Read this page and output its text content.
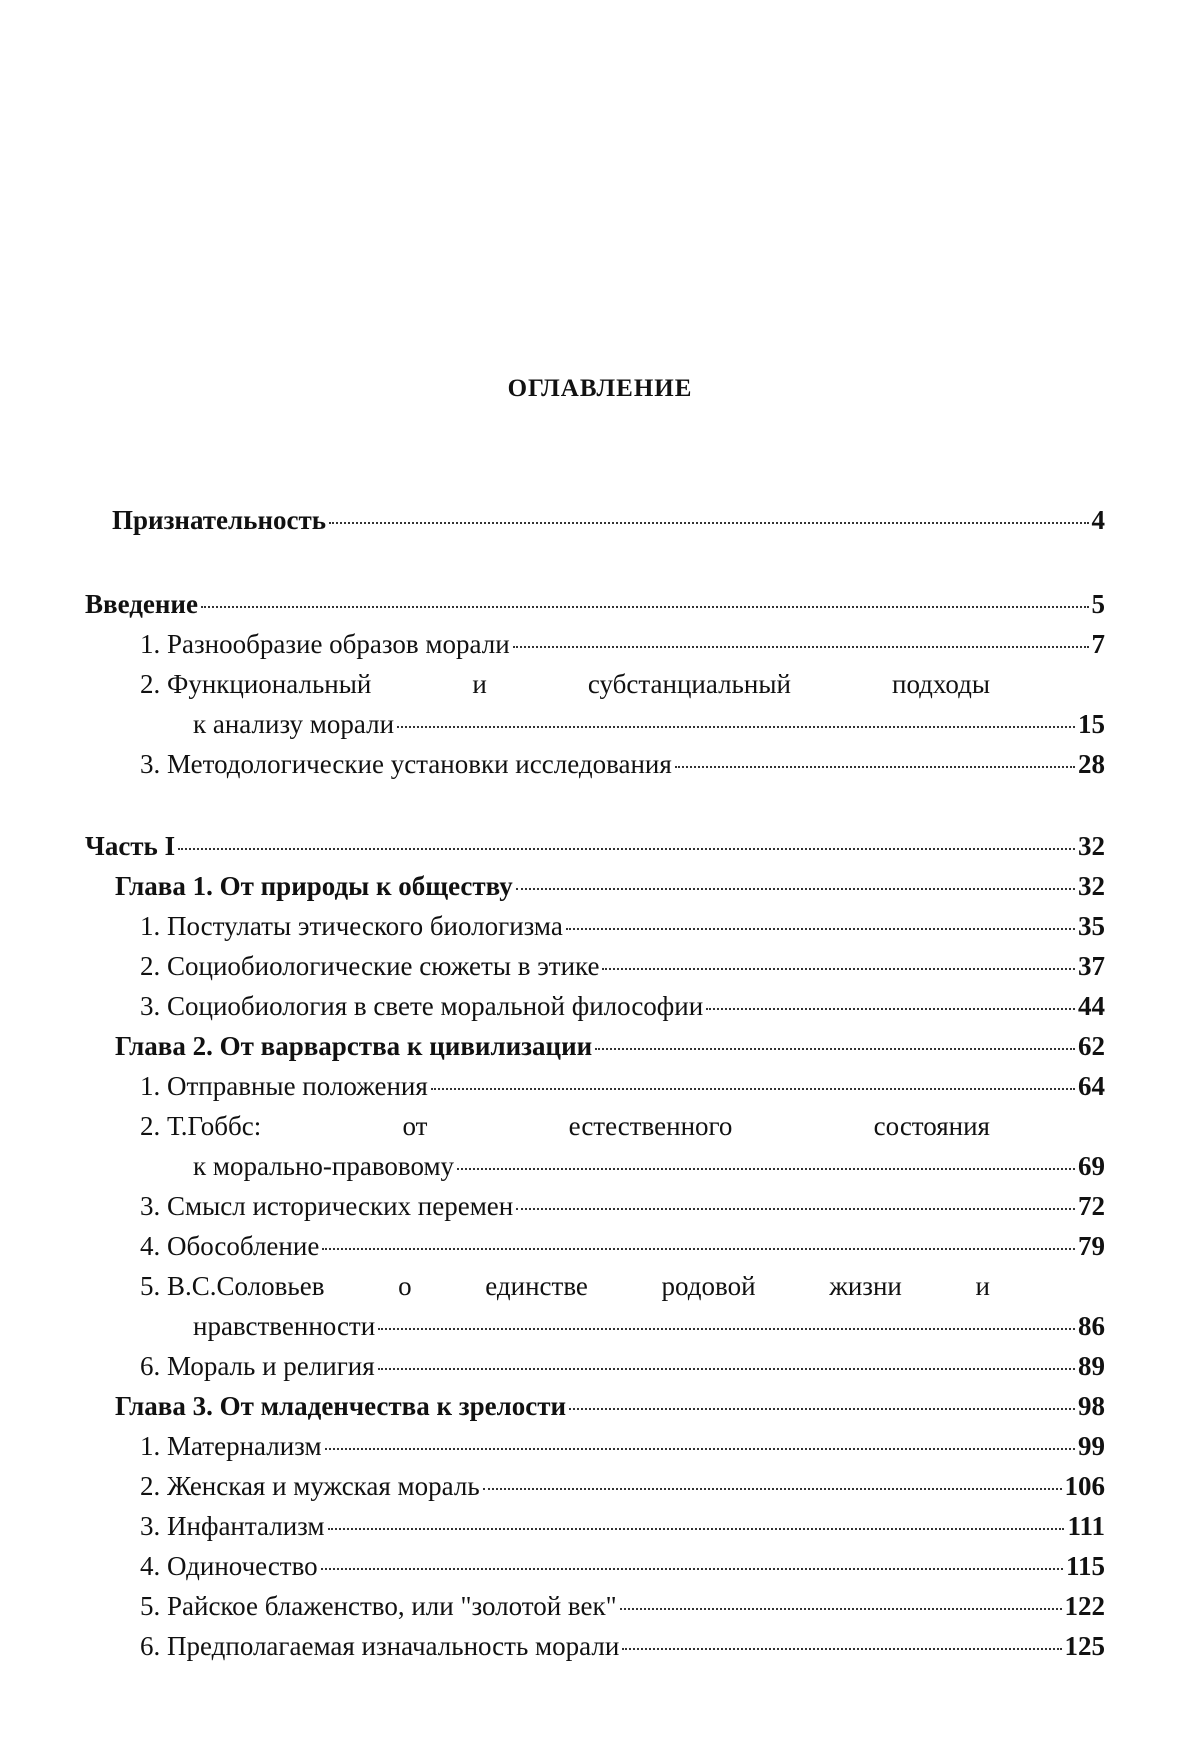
ОГЛАВЛЕНИЕ
Признательность	4
Введение	5
1. Разнообразие образов морали	7
2. Функциональный	и	субстанциальный	подходы
к анализу морали	15
3. Методологические установки исследования	28
Часть I	32
Глава 1. От природы к обществу	32
1. Постулаты этического биологизма	35
2. Социобиологические сюжеты в этике	37
3. Социобиология в свете моральной философии	44
Глава 2. От варварства к цивилизации	62
1. Отправные положения	64
2. Т.Гоббс:	от	естественного	состояния
к морально-правовому	69
3. Смысл исторических перемен	72
4. Обособление	79
5. В.С.Соловьев	о	единстве	родовой	жизни	и
нравственности	86
6. Мораль и религия	89
Глава 3. От младенчества к зрелости	98
1. Матернализм	99
2. Женская и мужская мораль	106
3. Инфантализм	111
4. Одиночество	115
5. Райское блаженство, или "золотой век"	122
6. Предполагаемая изначальность морали	125
